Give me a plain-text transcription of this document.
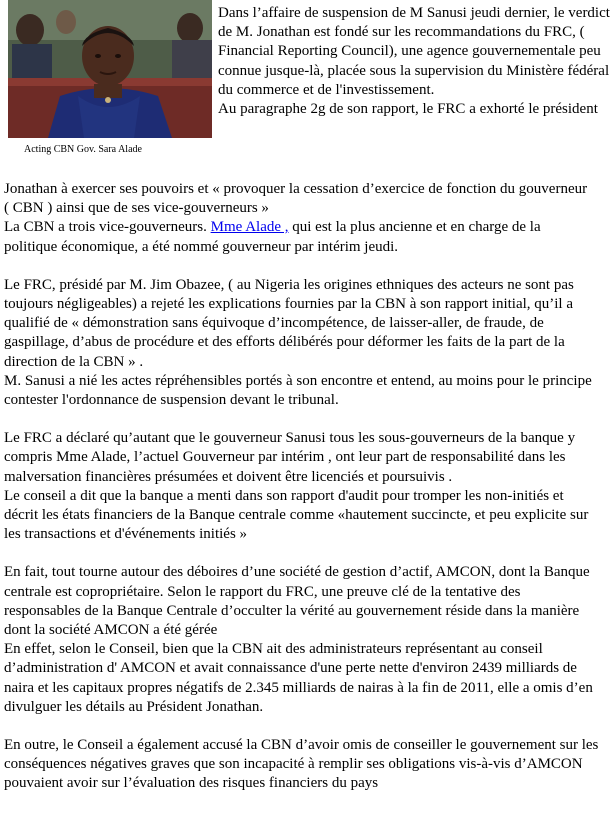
Acting CBN Gov. Sara Alade
Dans l’affaire de suspension de M Sanusi jeudi dernier, le verdict
de M. Jonathan est fondé sur les recommandations du FRC, (
Financial Reporting Council), une agence gouvernementale peu
connue jusque-là, placée sous la supervision du Ministère fédéral
du commerce et de l'investissement.
Au paragraphe 2g de son rapport, le FRC a exhorté le président
Jonathan à exercer ses pouvoirs et « provoquer la cessation d’exercice de fonction du gouverneur
( CBN ) ainsi que de ses vice-gouverneurs »
La CBN a trois vice-gouverneurs. Mme Alade , qui est la plus ancienne et en charge de la
politique économique, a été nommé gouverneur par intérim jeudi.
Le FRC, présidé par M. Jim Obazee, ( au Nigeria les origines ethniques des acteurs ne sont pas
toujours négligeables) a rejeté les explications fournies par la CBN à son rapport initial, qu’il a
qualifié de « démonstration sans équivoque d’incompétence, de laisser-aller, de fraude, de
gaspillage, d’abus de procédure et des efforts délibérés pour déformer les faits de la part de la
direction de la CBN » .
M. Sanusi a nié les actes répréhensibles portés à son encontre et entend, au moins pour le principe
contester l'ordonnance de suspension devant le tribunal.
Le FRC a déclaré qu’autant que le gouverneur Sanusi tous les sous-gouverneurs de la banque y
compris Mme Alade, l’actuel Gouverneur par intérim , ont leur part de responsabilité dans les
malversation financières présumées et doivent être licenciés et poursuivis .
Le conseil a dit que la banque a menti dans son rapport d'audit pour tromper les non-initiés et
décrit les états financiers de la Banque centrale comme «hautement succincte, et peu explicite sur
les transactions et d'événements initiés »
En fait, tout tourne autour des déboires d’une société de gestion d’actif, AMCON, dont la Banque
centrale est copropriétaire. Selon le rapport du FRC, une preuve clé de la tentative des
responsables de la Banque Centrale d’occulter la vérité au gouvernement réside dans la manière
dont la société AMCON a été gérée
En effet, selon le Conseil, bien que la CBN ait des administrateurs représentant au conseil
d’administration d' AMCON et avait connaissance d'une perte nette d'environ 2439 milliards de
naira et les capitaux propres négatifs de 2.345 milliards de nairas à la fin de 2011, elle a omis d’en
divulguer les détails au Président Jonathan.
En outre, le Conseil a également accusé la CBN d’avoir omis de conseiller le gouvernement sur les
conséquences négatives graves que son incapacité à remplir ses obligations vis-à-vis d’AMCON
pouvaient avoir sur l’évaluation des risques financiers du pays
